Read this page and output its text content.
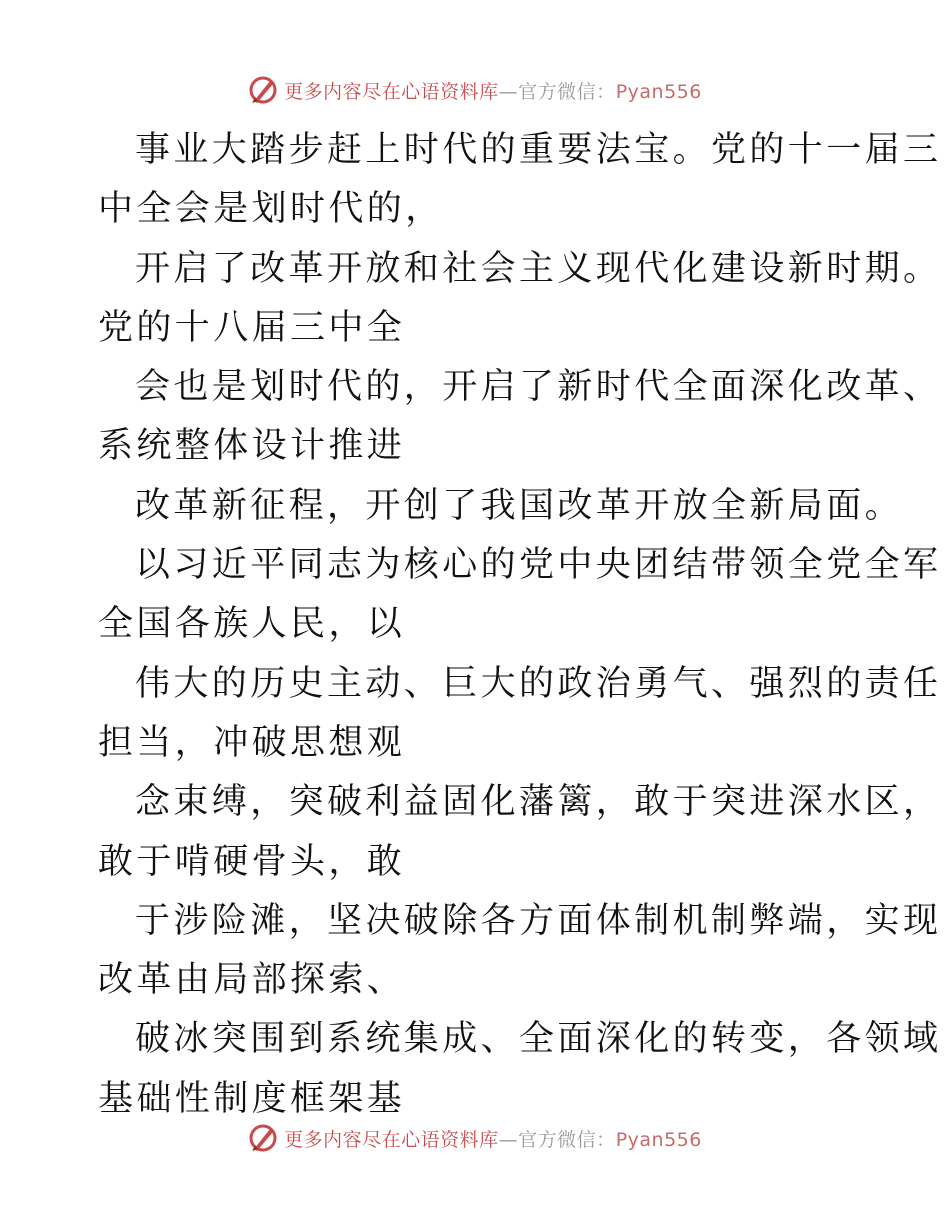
更多内容尽在心语资料库—官方微信：Pyan556
事业大踏步赶上时代的重要法宝。党的十一届三
中全会是划时代的，
开启了改革开放和社会主义现代化建设新时期。
党的十八届三中全
会也是划时代的，开启了新时代全面深化改革、
系统整体设计推进
改革新征程，开创了我国改革开放全新局面。
以习近平同志为核心的党中央团结带领全党全军
全国各族人民，以
伟大的历史主动、巨大的政治勇气、强烈的责任
担当，冲破思想观
念束缚，突破利益固化藩篱，敢于突进深水区，
敢于啃硬骨头，敢
于涉险滩，坚决破除各方面体制机制弊端，实现
改革由局部探索、
破冰突围到系统集成、全面深化的转变，各领域
基础性制度框架基
更多内容尽在心语资料库—官方微信：Pyan556
